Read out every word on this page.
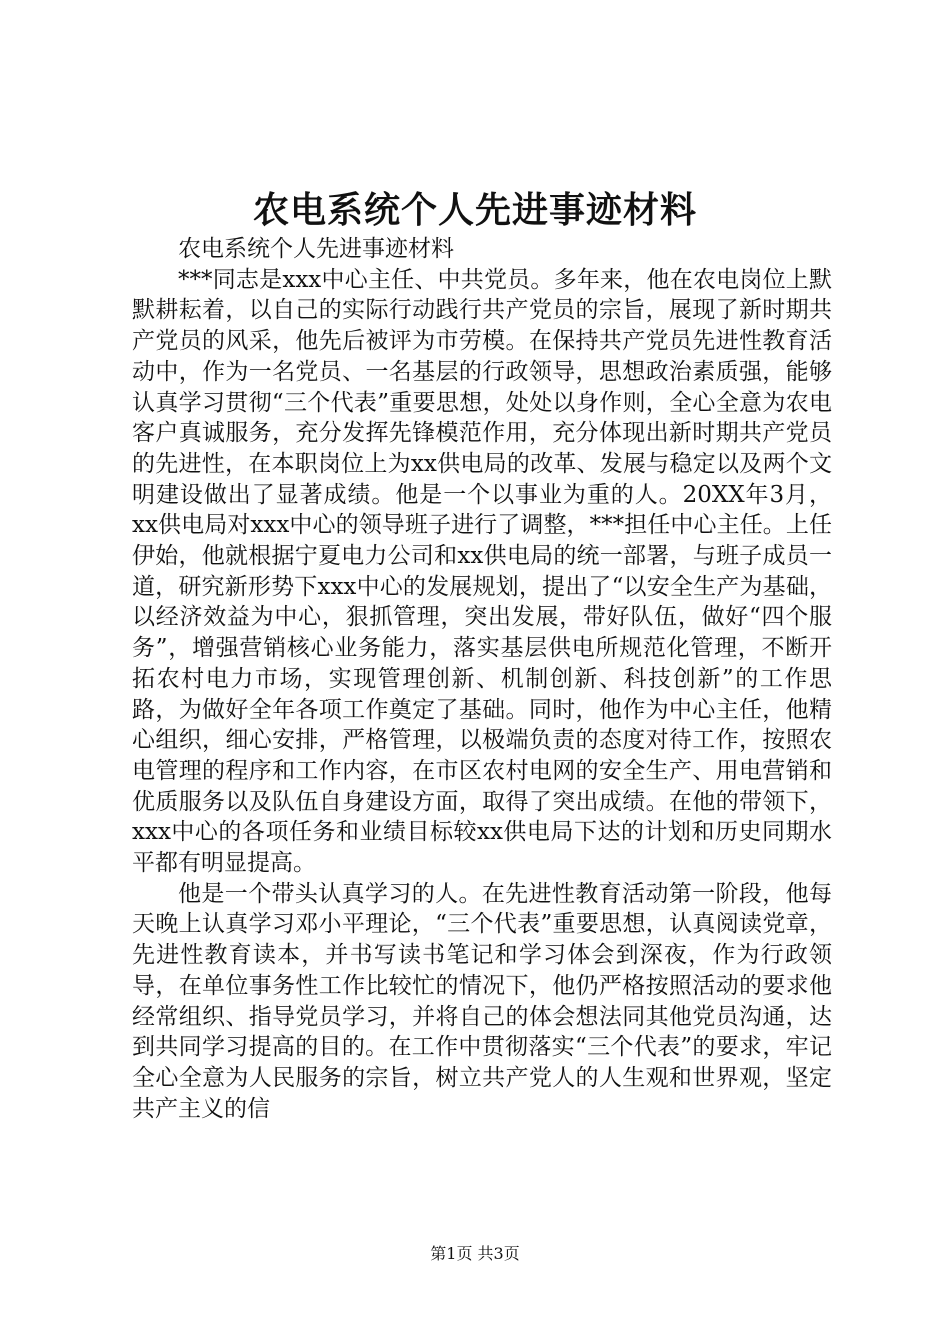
农电系统个人先进事迹材料

农电系统个人先进事迹材料

***同志是xxx中心主任、中共党员。多年来，他在农电岗位上默默耕耘着，以自己的实际行动践行共产党员的宗旨，展现了新时期共产党员的风采，他先后被评为市劳模。在保持共产党员先进性教育活动中，作为一名党员、一名基层的行政领导，思想政治素质强，能够认真学习贯彻“三个代表”重要思想，处处以身作则，全心全意为农电客户真诚服务，充分发挥先锋模范作用，充分体现出新时期共产党员的先进性，在本职岗位上为xx供电局的改革、发展与稳定以及两个文明建设做出了显著成绩。他是一个以事业为重的人。20XX年3月，xx供电局对xxx中心的领导班子进行了调整，***担任中心主任。上任伊始，他就根据宁夏电力公司和xx供电局的统一部署，与班子成员一道，研究新形势下xxx中心的发展规划，提出了“以安全生产为基础，以经济效益为中心，狠抓管理，突出发展，带好队伍，做好“四个服务”，增强营销核心业务能力，落实基层供电所规范化管理，不断开拓农村电力市场，实现管理创新、机制创新、科技创新”的工作思路，为做好全年各项工作奠定了基础。同时，他作为中心主任，他精心组织，细心安排，严格管理，以极端负责的态度对待工作，按照农电管理的程序和工作内容，在市区农村电网的安全生产、用电营销和优质服务以及队伍自身建设方面，取得了突出成绩。在他的带领下，xxx中心的各项任务和业绩目标较xx供电局下达的计划和历史同期水平都有明显提高。

他是一个带头认真学习的人。在先进性教育活动第一阶段，他每天晚上认真学习邓小平理论，“三个代表”重要思想，认真阅读党章，先进性教育读本，并书写读书笔记和学习体会到深夜，作为行政领导，在单位事务性工作比较忙的情况下，他仍严格按照活动的要求他经常组织、指导党员学习，并将自己的体会想法同其他党员沟通，达到共同学习提高的目的。在工作中贯彻落实“三个代表”的要求，牢记全心全意为人民服务的宗旨，树立共产党人的人生观和世界观，坚定共产主义的信

第1页 共3页
